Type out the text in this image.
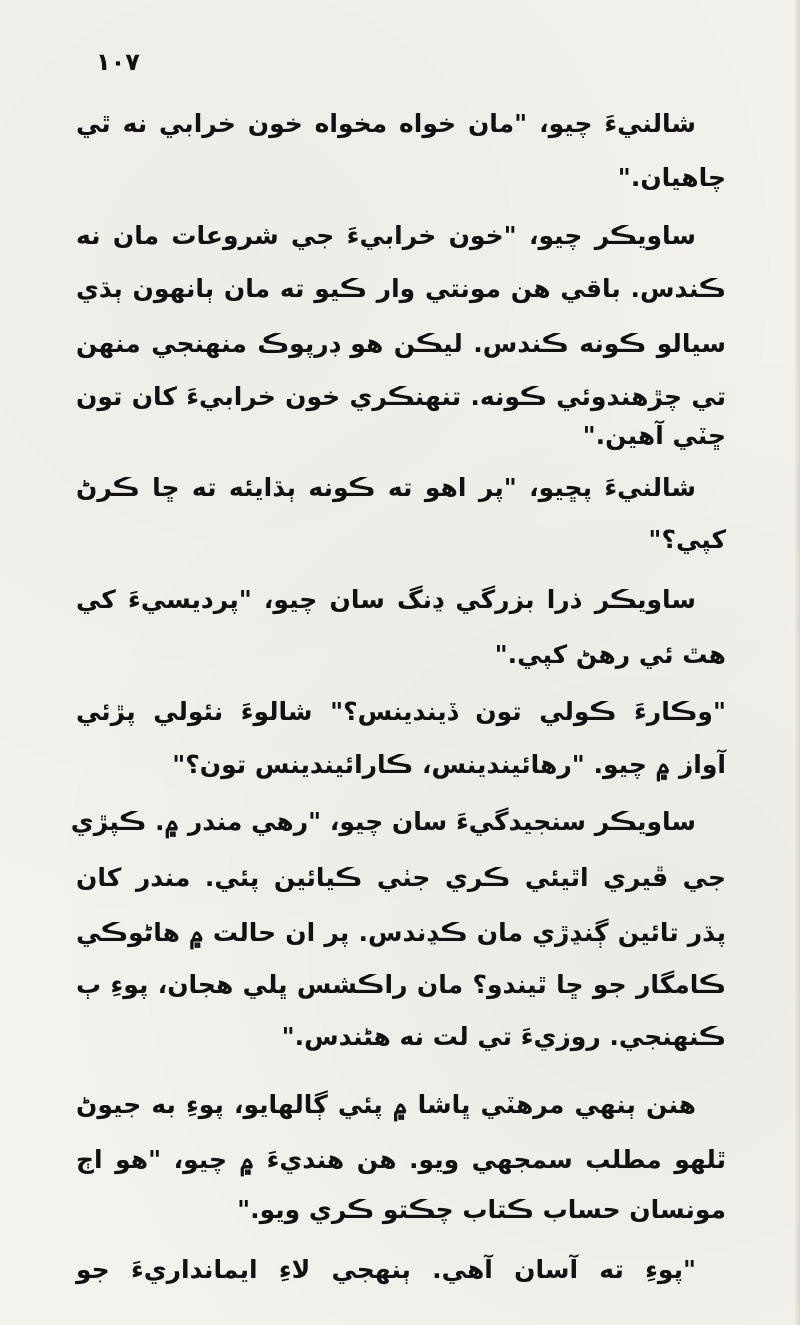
١٠٧
شالنيءَ چيو، "مان خواه مخواه خون خرابي نه ٿي
چاهيان."
ساويڪر چيو، "خون خرابيءَ جي شروعات مان نه
ڪندس. باقي هن مونتي وار ڪيو ته مان ٻانهون ٻڌي
سيالو ڪونه ڪندس. ليڪن هو ڊرپوڪ منهنجي منهن
تي چڙهندوئي ڪونه. تنهنڪري خون خرابيءَ کان تون
ڇٽي آهين."
شالنيءَ پڇيو، "پر اهو ته ڪونه ٻڌايئه ته ڇا ڪرڻ
کپي؟"
ساويڪر ذرا بزرگي ڍنگ سان چيو، "پرديسيءَ کي
هٿ ئي رهڻ کپي."
"وڪارءَ ڪولي تون ڏيندينس؟" شالوءَ نئولي پڙئي
آواز ۾ چيو. "رهائيندينس، ڪارائيندينس تون؟"
ساويڪر سنجيدگيءَ سان چيو، "رهي مندر ۾. ڪپڙي
جي ڦيري اٿيئي ڪري جٺي ڪيائين پئي. مندر کان
پڌر تائين ڳنڍڙي مان ڪڍندس. پر ان حالت ۾ هاڻوڪي
ڪامگار جو ڇا ٿيندو؟ مان راڪشس ڀلي هجان، پوءِ ٻ
ڪنهنجي. روزيءَ تي لت نه هڻندس."
هنن ٻنهي مرهٽي ڀاشا ۾ پئي ڳالهايو، پوءِ به جيوڻ
ٿلهو مطلب سمجهي ويو. هن هنديءَ ۾ چيو، "هو اڄ
مونسان حساب ڪتاب چڪتو ڪري ويو."
"پوءِ ته آسان آهي. ٻنهجي لاءِ ايمانداريءَ جو
